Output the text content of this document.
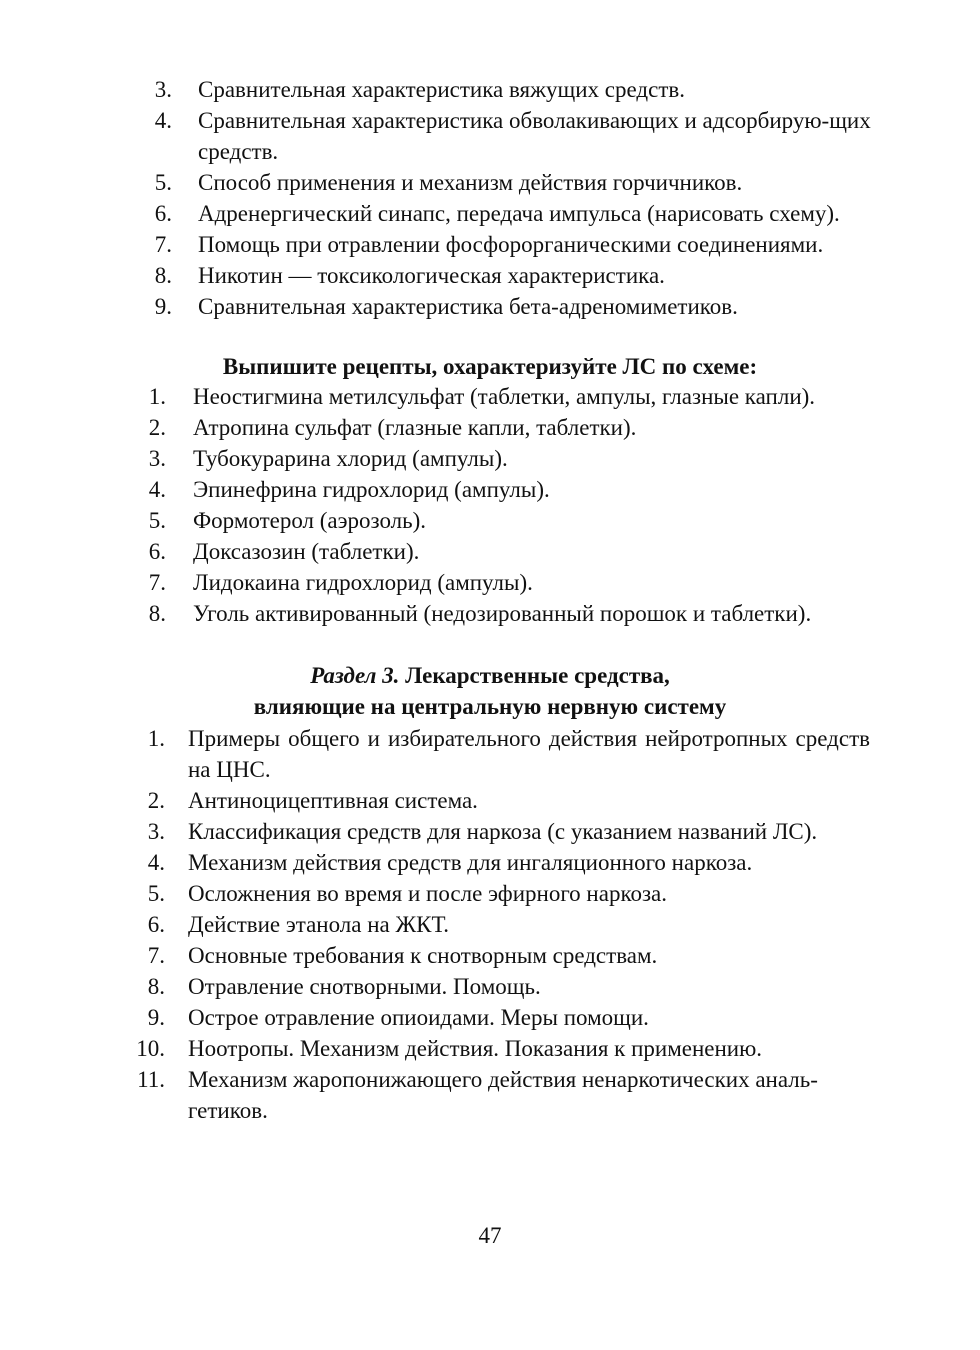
3. Сравнительная характеристика вяжущих средств.
4. Сравнительная характеристика обволакивающих и адсорбирую-щих средств.
5. Способ применения и механизм действия горчичников.
6. Адренергический синапс, передача импульса (нарисовать схему).
7. Помощь при отравлении фосфорорганическими соединениями.
8. Никотин — токсикологическая характеристика.
9. Сравнительная характеристика бета-адреномиметиков.
Выпишите рецепты, охарактеризуйте ЛС по схеме:
1. Неостигмина метилсульфат (таблетки, ампулы, глазные капли).
2. Атропина сульфат (глазные капли, таблетки).
3. Тубокурарина хлорид (ампулы).
4. Эпинефрина гидрохлорид (ампулы).
5. Формотерол (аэрозоль).
6. Доксазозин (таблетки).
7. Лидокаина гидрохлорид (ампулы).
8. Уголь активированный (недозированный порошок и таблетки).
Раздел 3. Лекарственные средства,
влияющие на центральную нервную систему
1. Примеры общего и избирательного действия нейротропных средств на ЦНС.
2. Антиноцицептивная система.
3. Классификация средств для наркоза (с указанием названий ЛС).
4. Механизм действия средств для ингаляционного наркоза.
5. Осложнения во время и после эфирного наркоза.
6. Действие этанола на ЖКТ.
7. Основные требования к снотворным средствам.
8. Отравление снотворными. Помощь.
9. Острое отравление опиоидами. Меры помощи.
10. Ноотропы. Механизм действия. Показания к применению.
11. Механизм жаропонижающего действия ненаркотических аналь-гетиков.
47
